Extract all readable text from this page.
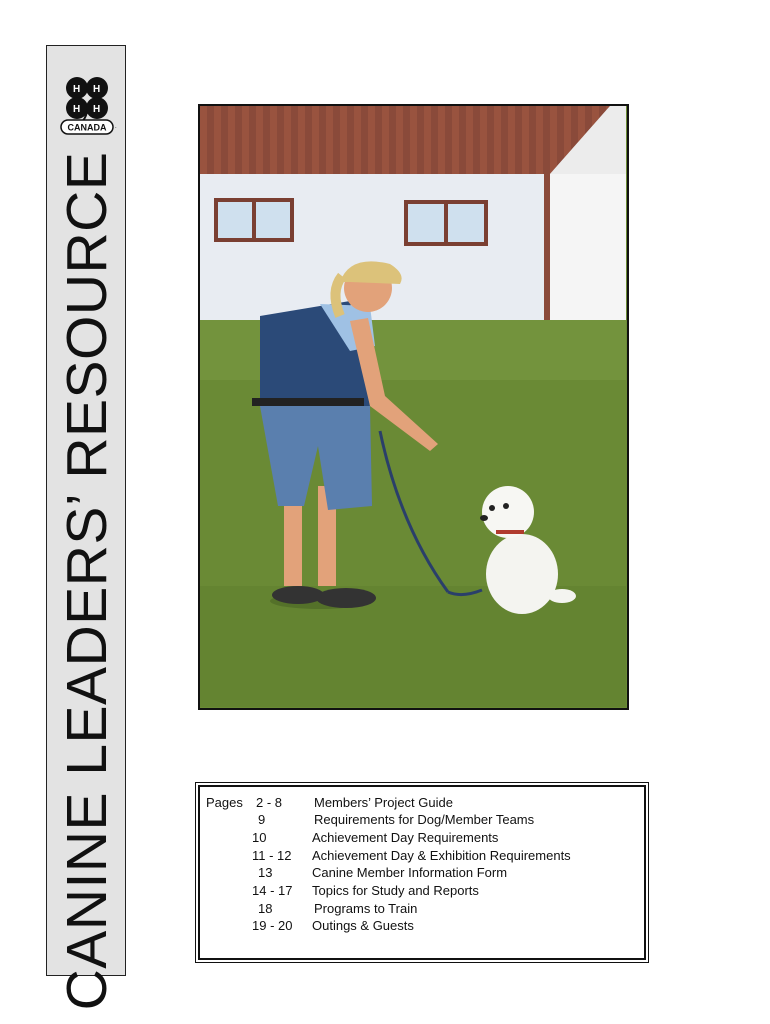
H H
H H
CANADA .
CANINE LEADERS’ RESOURCE	Pages 2 - 8 Members’ Project Guide
9	Requirements for Dog/Member Teams
10	Achievement Day Requirements
11 - 12 Achievement Day & Exhibition Requirements
13	Canine Member Information Form
14 - 17 Topics for Study and Reports
18	Programs to Train
19 - 20 Outings & Guests
